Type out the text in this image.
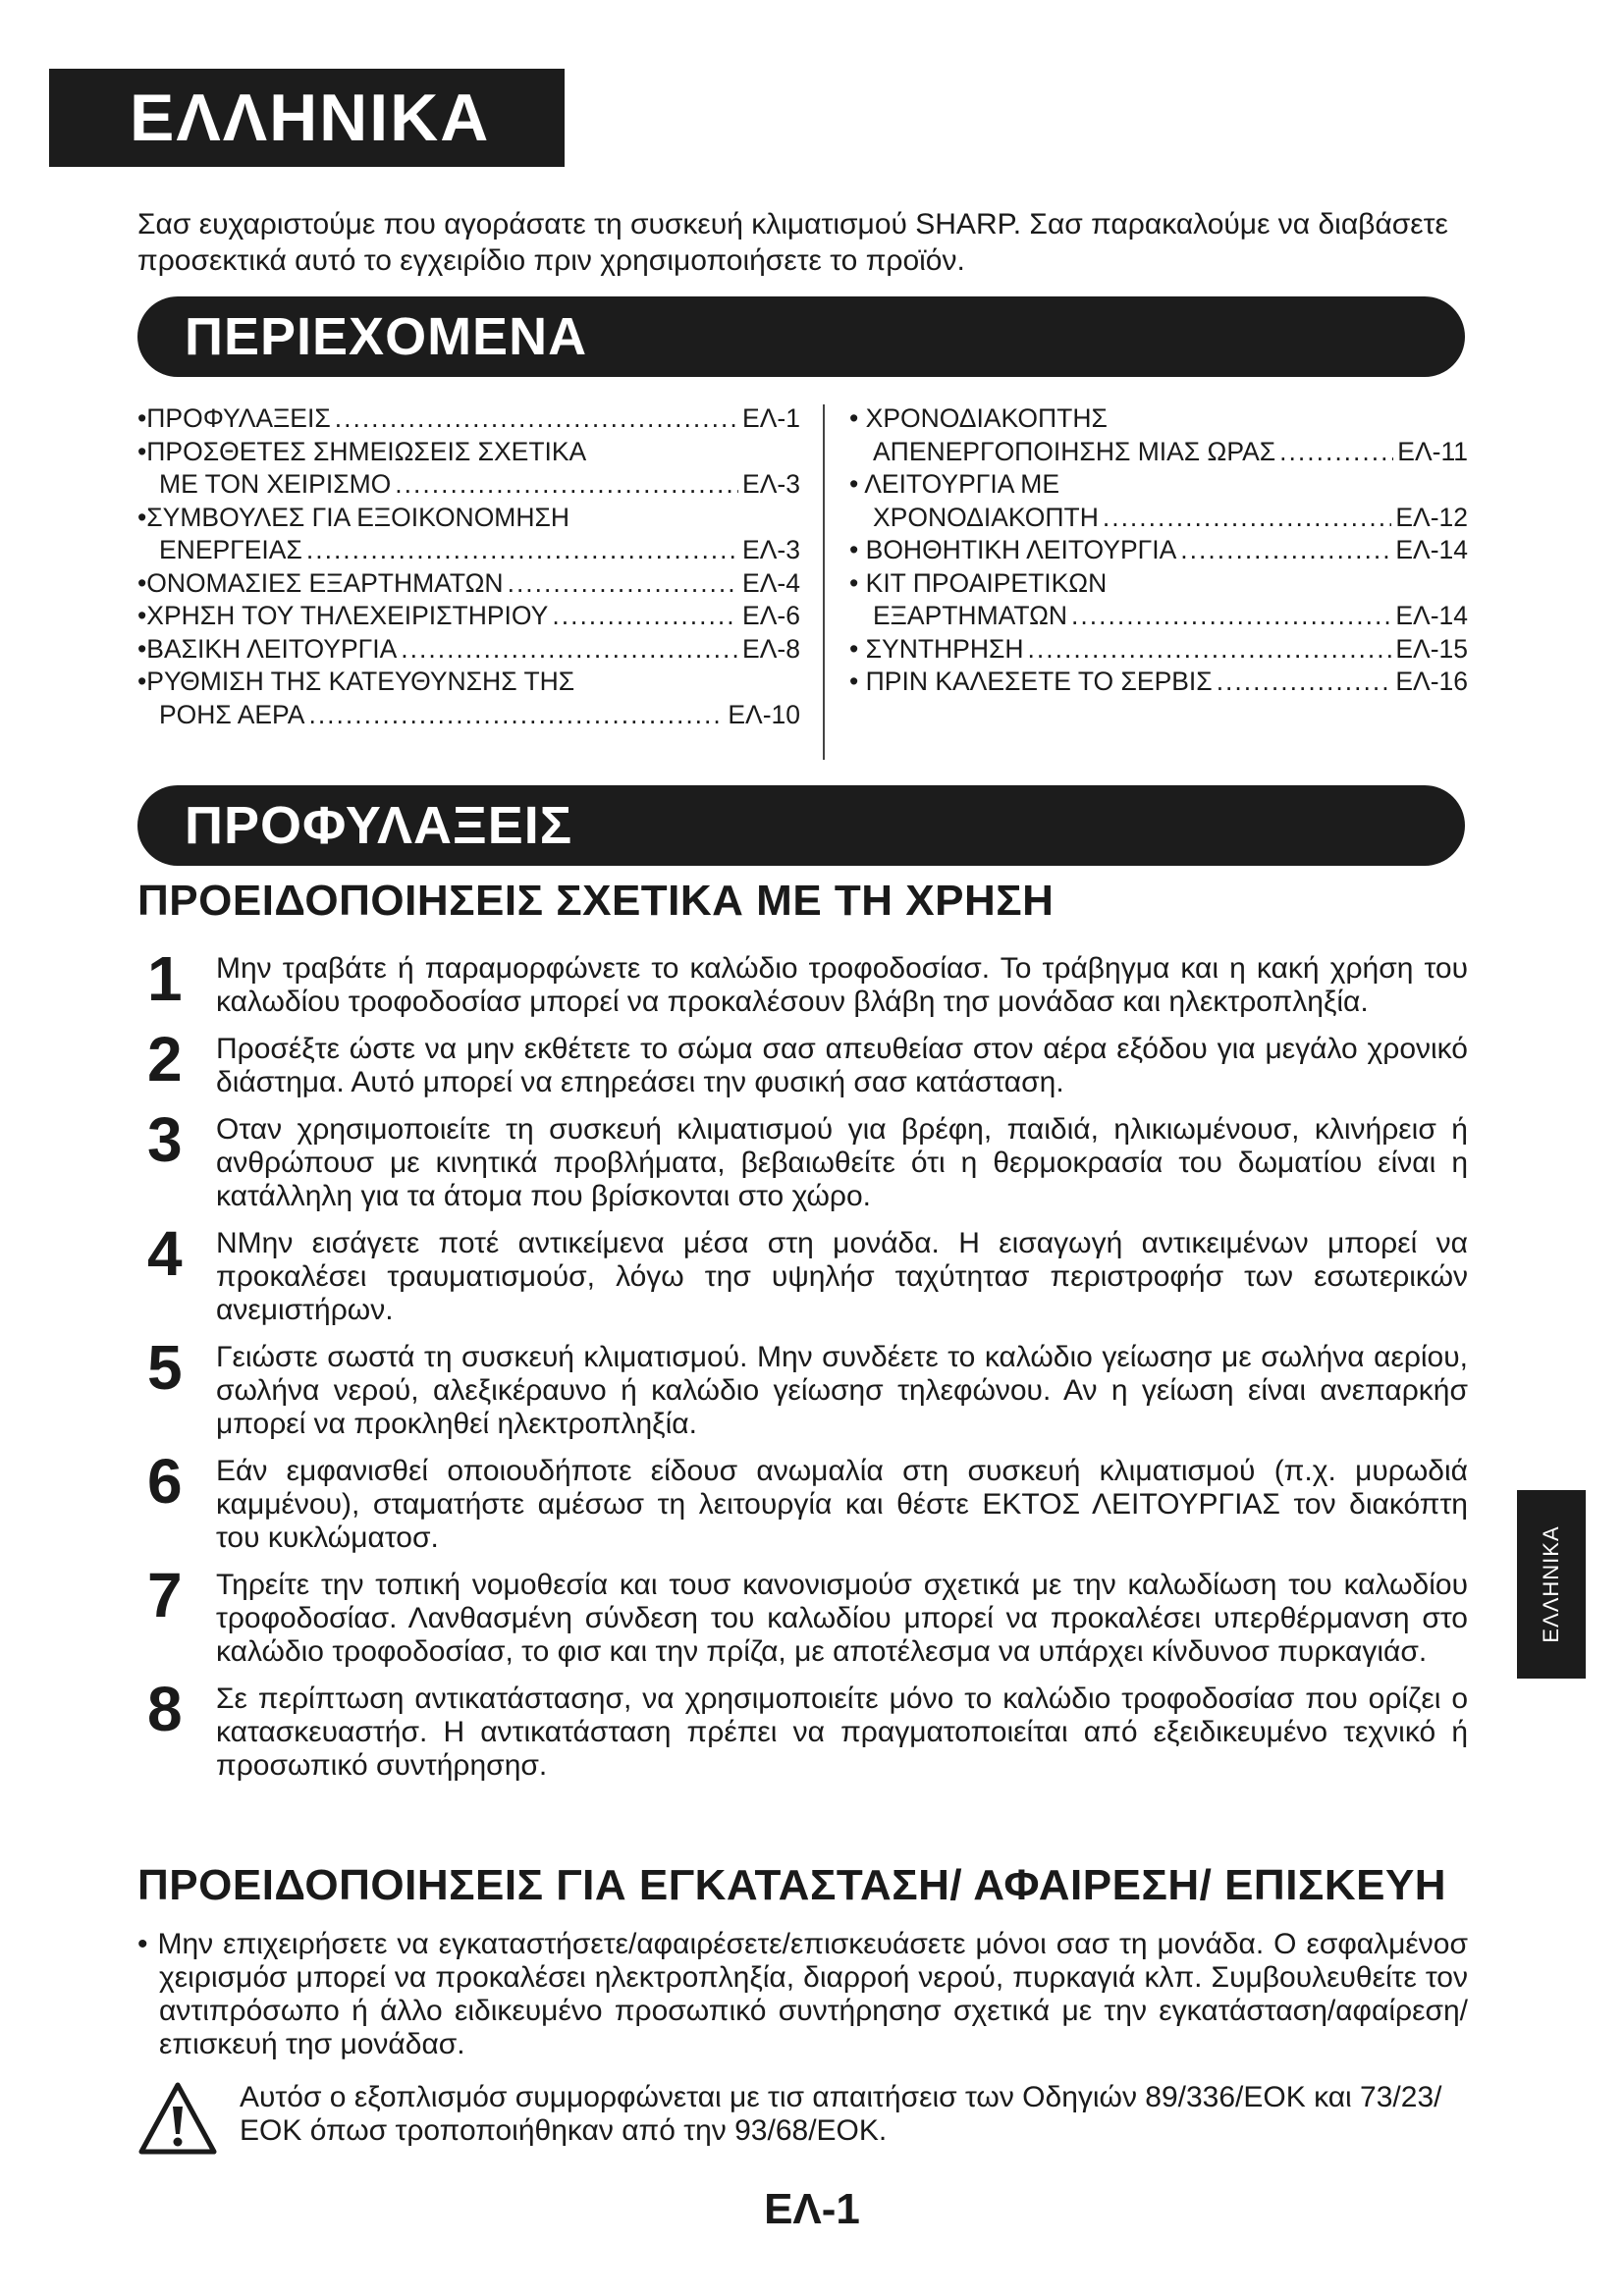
ΕΛΛΗΝΙΚΑ
Σασ ευχαριστούμε που αγοράσατε τη συσκευή κλιματισμού SHARP. Σασ παρακαλούμε να διαβάσετε προσεκτικά αυτό το εγχειρίδιο πριν χρησιμοποιήσετε το προϊόν.
ΠΕΡΙΕΧΟΜΕΝΑ
•ΠΡΟΦΥΛΑΞΕΙΣ .....	ΕΛ-1
•ΠΡΟΣΘΕΤΕΣ ΣΗΜΕΙΩΣΕΙΣ ΣΧΕΤΙΚΑ
ΜΕ ΤΟΝ ΧΕΙΡΙΣΜΟ .....	ΕΛ-3
•ΣΥΜΒΟΥΛΕΣ ΓΙΑ ΕΞΟΙΚΟΝΟΜΗΣΗ
ΕΝΕΡΓΕΙΑΣ .....	ΕΛ-3
•ΟΝΟΜΑΣΙΕΣ ΕΞΑΡΤΗΜΑΤΩΝ .....	ΕΛ-4
•ΧΡΗΣΗ ΤΟΥ ΤΗΛΕΧΕΙΡΙΣΤΗΡΙΟΥ .....	ΕΛ-6
•ΒΑΣΙΚΗ ΛΕΙΤΟΥΡΓΙΑ .....	ΕΛ-8
•ΡΥΘΜΙΣΗ ΤΗΣ ΚΑΤΕΥΘΥΝΣΗΣ ΤΗΣ
ΡΟΗΣ ΑΕΡΑ .....	ΕΛ-10
• ΧΡΟΝΟΔΙΑΚΟΠΤΗΣ
ΑΠΕΝΕΡΓΟΠΟΙΗΣΗΣ ΜΙΑΣ ΩΡΑΣ .....	ΕΛ-11
• ΛΕΙΤΟΥΡΓΙΑ ΜΕ
ΧΡΟΝΟΔΙΑΚΟΠΤΗ .....	ΕΛ-12
• ΒΟΗΘΗΤΙΚΗ ΛΕΙΤΟΥΡΓΙΑ .....	ΕΛ-14
• ΚΙΤ ΠΡΟΑΙΡΕΤΙΚΩΝ
ΕΞΑΡΤΗΜΑΤΩΝ .....	ΕΛ-14
• ΣΥΝΤΗΡΗΣΗ .....	ΕΛ-15
• ΠΡΙΝ ΚΑΛΕΣΕΤΕ ΤΟ ΣΕΡΒΙΣ .....	ΕΛ-16
ΠΡΟΦΥΛΑΞΕΙΣ
ΠΡΟΕΙΔΟΠΟΙΗΣΕΙΣ ΣΧΕΤΙΚΑ ΜΕ ΤΗ ΧΡΗΣΗ
1	Μην τραβάτε ή παραμορφώνετε το καλώδιο τροφοδοσίασ. Το τράβηγμα και η κακή χρήση του καλωδίου τροφοδοσίασ μπορεί να προκαλέσουν βλάβη τησ μονάδασ και ηλεκτροπληξία.
2	Προσέξτε ώστε να μην εκθέτετε το σώμα σασ απευθείασ στον αέρα εξόδου για μεγάλο χρονικό διάστημα. Αυτό μπορεί να επηρεάσει την φυσική σασ κατάσταση.
3	Οταν χρησιμοποιείτε τη συσκευή κλιματισμού για βρέφη, παιδιά, ηλικιωμένουσ, κλινήρεισ ή ανθρώπουσ με κινητικά προβλήματα, βεβαιωθείτε ότι η θερμοκρασία του δωματίου είναι η κατάλληλη για τα άτομα που βρίσκονται στο χώρο.
4	ΝΜην εισάγετε ποτέ αντικείμενα μέσα στη μονάδα. Η εισαγωγή αντικειμένων μπορεί να προκαλέσει τραυματισμούσ, λόγω τησ υψηλήσ ταχύτητασ περιστροφήσ των εσωτερικών ανεμιστήρων.
5	Γειώστε σωστά τη συσκευή κλιματισμού. Μην συνδέετε το καλώδιο γείωσησ με σωλήνα αερίου, σωλήνα νερού, αλεξικέραυνο ή καλώδιο γείωσησ τηλεφώνου. Αν η γείωση είναι ανεπαρκήσ μπορεί να προκληθεί ηλεκτροπληξία.
6	Εάν εμφανισθεί οποιουδήποτε είδουσ ανωμαλία στη συσκευή κλιματισμού (π.χ. μυρωδιά καμμένου), σταματήστε αμέσωσ τη λειτουργία και θέστε ΕΚΤΟΣ ΛΕΙΤΟΥΡΓΙΑΣ τον διακόπτη του κυκλώματοσ.
7	Τηρείτε την τοπική νομοθεσία και τουσ κανονισμούσ σχετικά με την καλωδίωση του καλωδίου τροφοδοσίασ. Λανθασμένη σύνδεση του καλωδίου μπορεί να προκαλέσει υπερθέρμανση στο καλώδιο τροφοδοσίασ, το φισ και την πρίζα, με αποτέλεσμα να υπάρχει κίνδυνοσ πυρκαγιάσ.
8	Σε περίπτωση αντικατάστασησ, να χρησιμοποιείτε μόνο το καλώδιο τροφοδοσίασ που ορίζει ο κατασκευαστήσ. Η αντικατάσταση πρέπει να πραγματοποιείται από εξειδικευμένο τεχνικό ή προσωπικό συντήρησησ.
ΠΡΟΕΙΔΟΠΟΙΗΣΕΙΣ ΓΙΑ ΕΓΚΑΤΑΣΤΑΣΗ/ ΑΦΑΙΡΕΣΗ/ ΕΠΙΣΚΕΥΗ
• Μην επιχειρήσετε να εγκαταστήσετε/αφαιρέσετε/επισκευάσετε μόνοι σασ τη μονάδα. Ο εσφαλμένοσ χειρισμόσ μπορεί να προκαλέσει ηλεκτροπληξία, διαρροή νερού, πυρκαγιά κλπ. Συμβουλευθείτε τον αντιπρόσωπο ή άλλο ειδικευμένο προσωπικό συντήρησησ σχετικά με την εγκατάσταση/αφαίρεση/επισκευή τησ μονάδασ.
Αυτόσ ο εξοπλισμόσ συμμορφώνεται με τισ απαιτήσεισ των Οδηγιών 89/336/ΕΟΚ και 73/23/ΕΟΚ όπωσ τροποποιήθηκαν από την 93/68/ΕΟΚ.
ΕΛ-1
ΕΛΛΗΝΙΚΑ
